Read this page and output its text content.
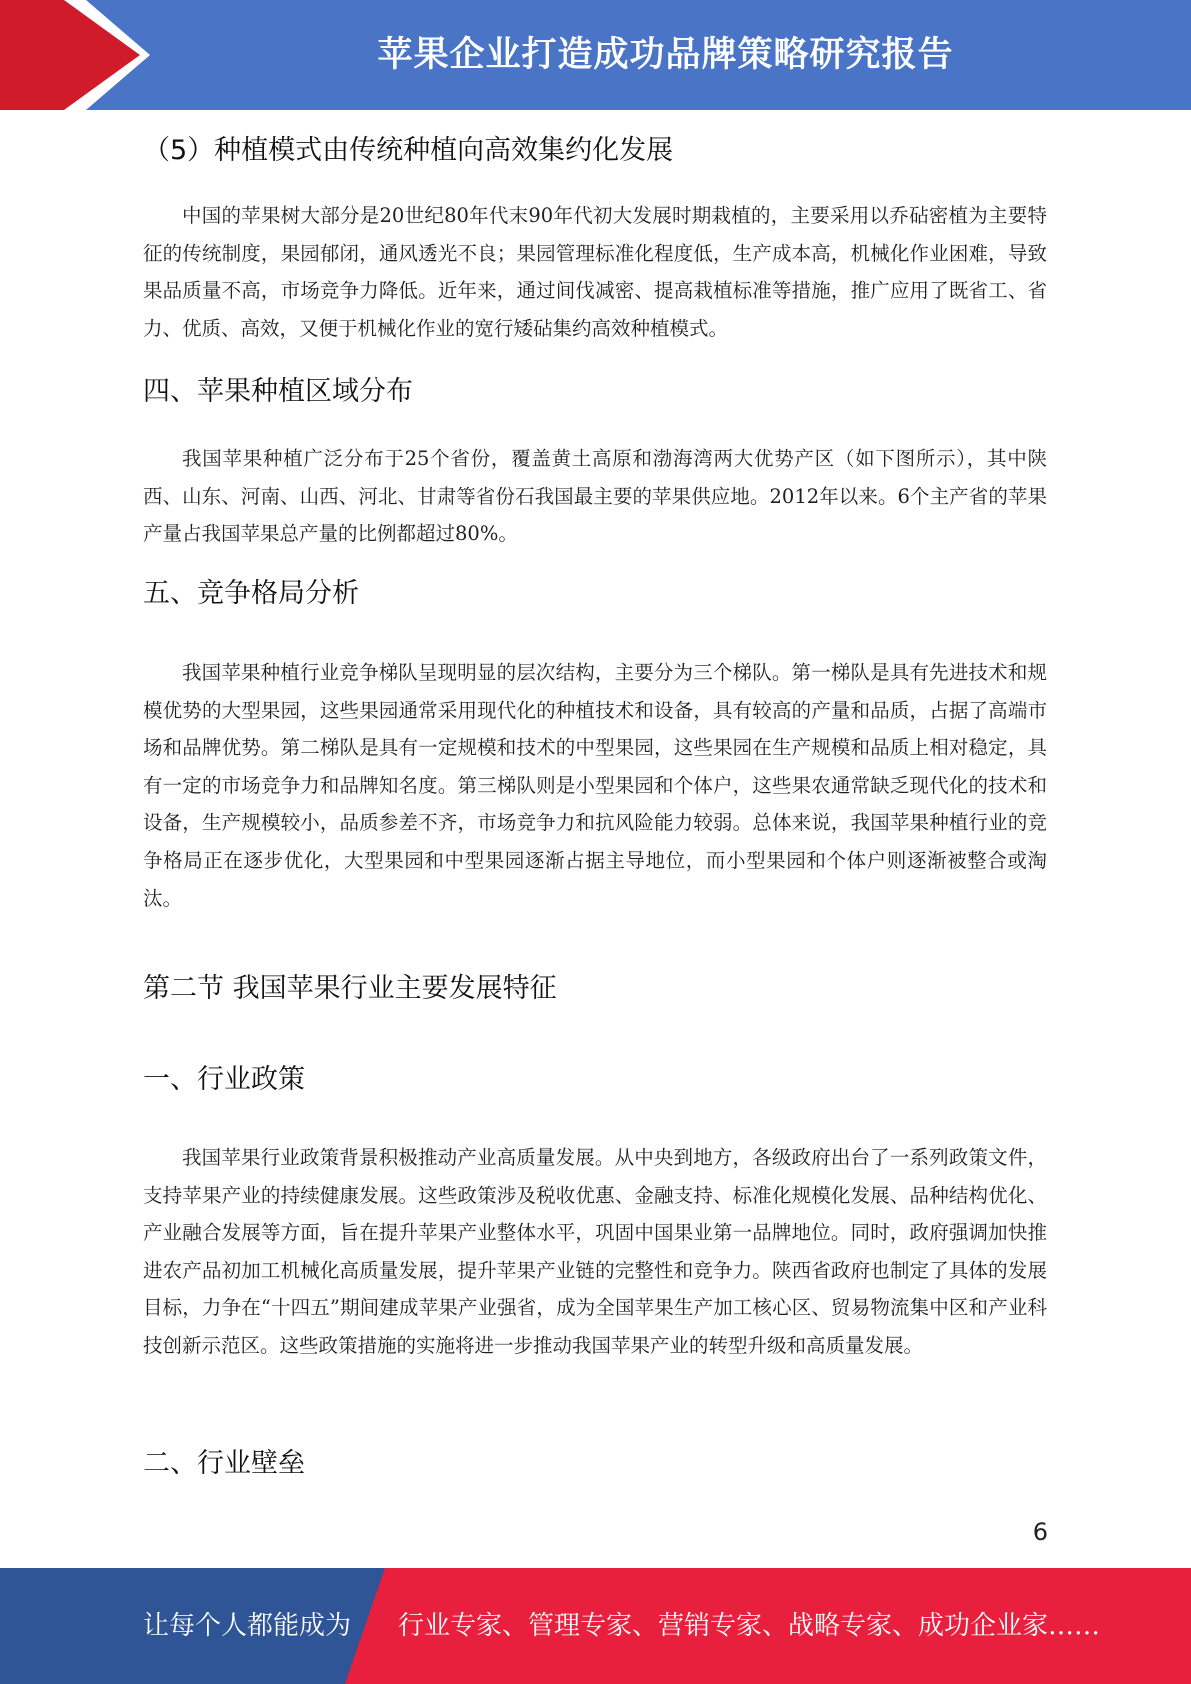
苹果企业打造成功品牌策略研究报告
（5）种植模式由传统种植向高效集约化发展

中国的苹果树大部分是20世纪80年代末90年代初大发展时期栽植的，主要采用以乔砧密植为主要特征的传统制度，果园郁闭，通风透光不良；果园管理标准化程度低，生产成本高，机械化作业困难，导致果品质量不高，市场竞争力降低。近年来，通过间伐减密、提高栽植标准等措施，推广应用了既省工、省力、优质、高效，又便于机械化作业的宽行矮砧集约高效种植模式。

四、苹果种植区域分布

我国苹果种植广泛分布于25个省份，覆盖黄土高原和渤海湾两大优势产区（如下图所示），其中陕西、山东、河南、山西、河北、甘肃等省份石我国最主要的苹果供应地。2012年以来。6个主产省的苹果产量占我国苹果总产量的比例都超过80%。

五、竞争格局分析

我国苹果种植行业竞争梯队呈现明显的层次结构，主要分为三个梯队。第一梯队是具有先进技术和规模优势的大型果园，这些果园通常采用现代化的种植技术和设备，具有较高的产量和品质，占据了高端市场和品牌优势。第二梯队是具有一定规模和技术的中型果园，这些果园在生产规模和品质上相对稳定，具有一定的市场竞争力和品牌知名度。第三梯队则是小型果园和个体户，这些果农通常缺乏现代化的技术和设备，生产规模较小，品质参差不齐，市场竞争力和抗风险能力较弱。总体来说，我国苹果种植行业的竞争格局正在逐步优化，大型果园和中型果园逐渐占据主导地位，而小型果园和个体户则逐渐被整合或淘汰。

第二节 我国苹果行业主要发展特征
一、行业政策

我国苹果行业政策背景积极推动产业高质量发展。从中央到地方，各级政府出台了一系列政策文件，支持苹果产业的持续健康发展。这些政策涉及税收优惠、金融支持、标准化规模化发展、品种结构优化、产业融合发展等方面，旨在提升苹果产业整体水平，巩固中国果业第一品牌地位。同时，政府强调加快推进农产品初加工机械化高质量发展，提升苹果产业链的完整性和竞争力。陕西省政府也制定了具体的发展目标，力争在“十四五”期间建成苹果产业强省，成为全国苹果生产加工核心区、贸易物流集中区和产业科技创新示范区。这些政策措施的实施将进一步推动我国苹果产业的转型升级和高质量发展。

二、行业壁垒
6
让每个人都能成为 行业专家、管理专家、营销专家、战略专家、成功企业家……
